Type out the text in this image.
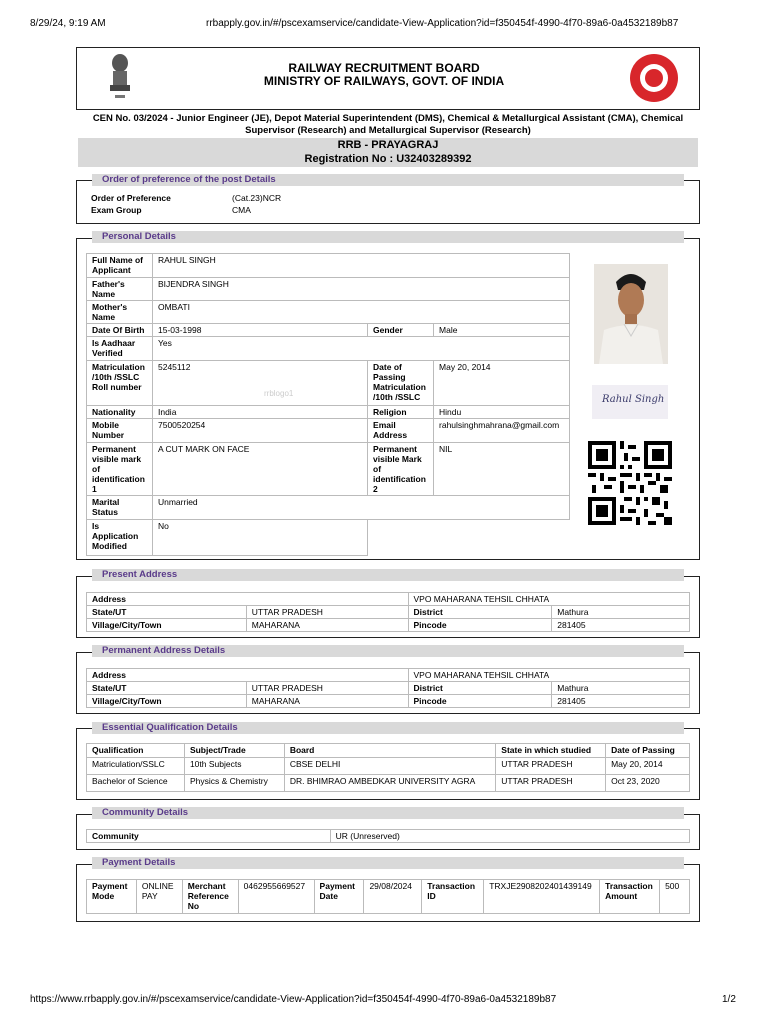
8/29/24, 9:19 AM	rrbapply.gov.in/#/pscexamservice/candidate-View-Application?id=f350454f-4990-4f70-89a6-0a4532189b87
RAILWAY RECRUITMENT BOARD
MINISTRY OF RAILWAYS, GOVT. OF INDIA
CEN No. 03/2024 - Junior Engineer (JE), Depot Material Superintendent (DMS), Chemical & Metallurgical Assistant (CMA), Chemical Supervisor (Research) and Metallurgical Supervisor (Research)
RRB - PRAYAGRAJ
Registration No : U32403289392
Order of preference of the post Details
Order of Preference	(Cat.23)NCR
Exam Group	CMA
Personal Details
Full Name of Applicant	RAHUL SINGH		
Father's Name	BIJENDRA SINGH		
Mother's Name	OMBATI		
Date Of Birth	15-03-1998	Gender	Male
Is Aadhaar Verified	Yes		
Matriculation /10th /SSLC Roll number	5245112	Date of Passing Matriculation /10th /SSLC	May 20, 2014
Nationality	India	Religion	Hindu
Mobile Number	7500520254	Email Address	rahulsinghmahrana@gmail.com
Permanent visible mark of identification 1	A CUT MARK ON FACE	Permanent visible Mark of identification 2	NIL
Marital Status	Unmarried		
Is Application Modified	No		
rrblogo1
Rahul Singh
Present Address
Address		VPO MAHARANA TEHSIL CHHATA	
State/UT	UTTAR PRADESH	District	Mathura
Village/City/Town	MAHARANA	Pincode	281405
Permanent Address Details
Address		VPO MAHARANA TEHSIL CHHATA	
State/UT	UTTAR PRADESH	District	Mathura
Village/City/Town	MAHARANA	Pincode	281405
Essential Qualification Details
Qualification	Subject/Trade	Board	State in which studied	Date of Passing
Matriculation/SSLC	10th Subjects	CBSE DELHI	UTTAR PRADESH	May 20, 2014
Bachelor of Science	Physics & Chemistry	DR. BHIMRAO AMBEDKAR UNIVERSITY AGRA	UTTAR PRADESH	Oct 23, 2020
Community Details
Community	UR (Unreserved)
Payment Details
Payment Mode	ONLINE PAY	Merchant Reference No	0462955669527	Payment Date	29/08/2024	Transaction ID	TRXJE2908202401439149	Transaction Amount	500
https://www.rrbapply.gov.in/#/pscexamservice/candidate-View-Application?id=f350454f-4990-4f70-89a6-0a4532189b87	1/2
